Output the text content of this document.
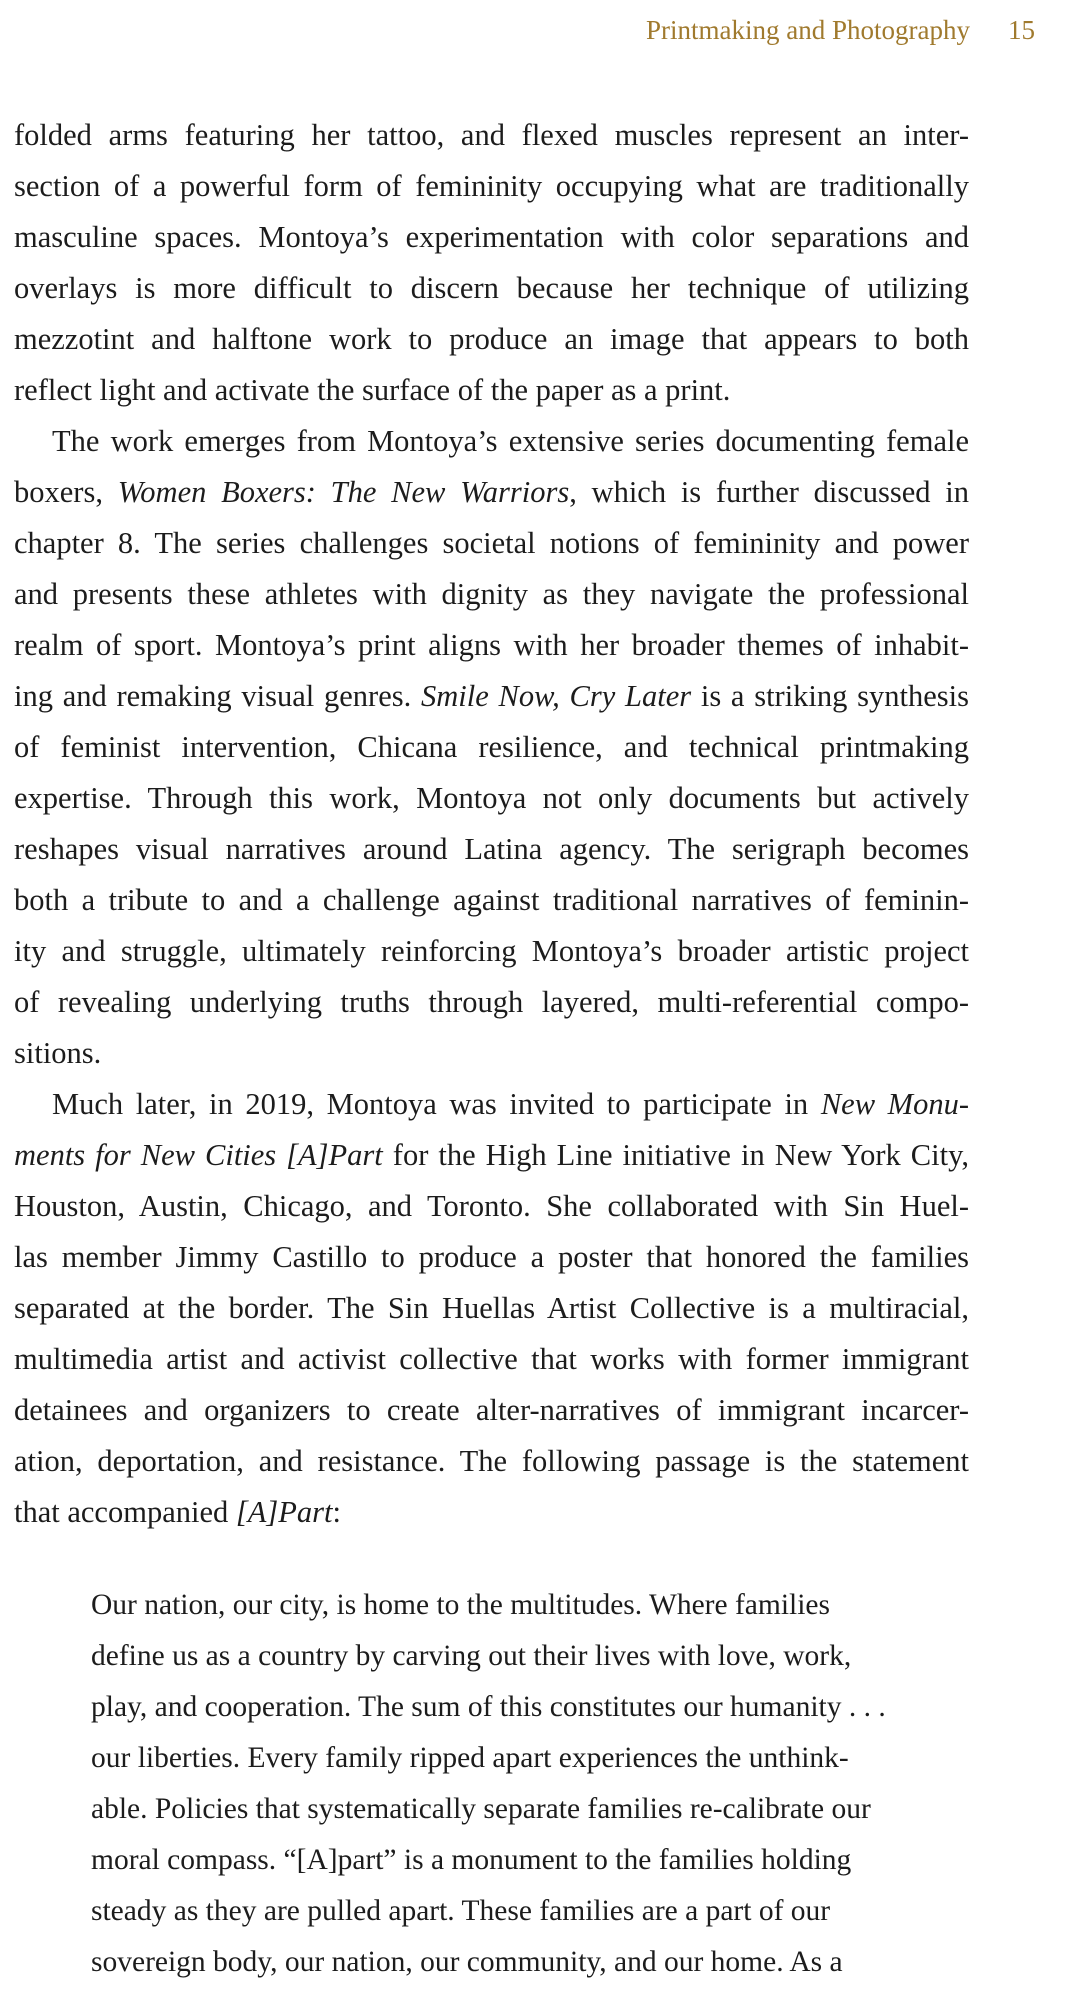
Printmaking and Photography 15
folded arms featuring her tattoo, and flexed muscles represent an inter-
section of a powerful form of femininity occupying what are traditionally
masculine spaces. Montoya’s experimentation with color separations and
overlays is more difficult to discern because her technique of utilizing
mezzotint and halftone work to produce an image that appears to both
reflect light and activate the surface of the paper as a print.
The work emerges from Montoya’s extensive series documenting female
boxers, Women Boxers: The New Warriors, which is further discussed in
chapter 8. The series challenges societal notions of femininity and power
and presents these athletes with dignity as they navigate the professional
realm of sport. Montoya’s print aligns with her broader themes of inhabit-
ing and remaking visual genres. Smile Now, Cry Later is a striking synthesis
of feminist intervention, Chicana resilience, and technical printmaking
expertise. Through this work, Montoya not only documents but actively
reshapes visual narratives around Latina agency. The serigraph becomes
both a tribute to and a challenge against traditional narratives of feminin-
ity and struggle, ultimately reinforcing Montoya’s broader artistic project
of revealing underlying truths through layered, multi-referential compo-
sitions.
Much later, in 2019, Montoya was invited to participate in New Monu-
ments for New Cities [A]Part for the High Line initiative in New York City,
Houston, Austin, Chicago, and Toronto. She collaborated with Sin Huel-
las member Jimmy Castillo to produce a poster that honored the families
separated at the border. The Sin Huellas Artist Collective is a multiracial,
multimedia artist and activist collective that works with former immigrant
detainees and organizers to create alter-narratives of immigrant incarcer-
ation, deportation, and resistance. The following passage is the statement
that accompanied [A]Part:
Our nation, our city, is home to the multitudes. Where families
define us as a country by carving out their lives with love, work,
play, and cooperation. The sum of this constitutes our humanity . . .
our liberties. Every family ripped apart experiences the unthink-
able. Policies that systematically separate families re-calibrate our
moral compass. “[A]part” is a monument to the families holding
steady as they are pulled apart. These families are a part of our
sovereign body, our nation, our community, and our home. As a
